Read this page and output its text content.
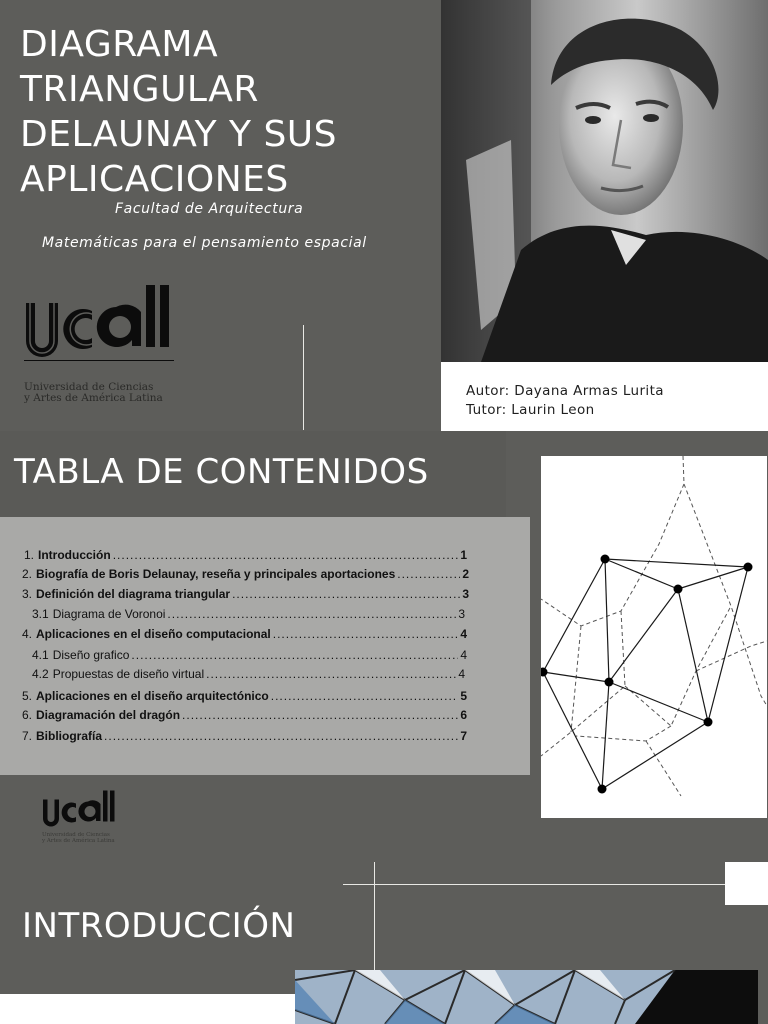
DIAGRAMA TRIANGULAR
DELAUNAY Y SUS
APLICACIONES

Facultad de Arquitectura

Matemáticas para el pensamiento espacial

Universidad de Ciencias
y Artes de América Latina	Autor: Dayana Armas Lurita

Tutor: Laurin Leon

TABLA DE CONTENIDOS
1. Introducción .....	1
2. Biografía de Boris Delaunay, reseña y principales aportaciones .....	2
3. Definición del diagrama triangular .....	3
3.1 Diagrama de Voronoi .....	3
4. Aplicaciones en el diseño computacional .....	4
4.1 Diseño grafico .....	4
4.2 Propuestas de diseño virtual .....	4
5. Aplicaciones en el diseño arquitectónico .....	5
6. Diagramación del dragón .....	6
7. Bibliografía .....	7

Universidad de Ciencias
y Artes de América Latina

INTRODUCCIÓN
